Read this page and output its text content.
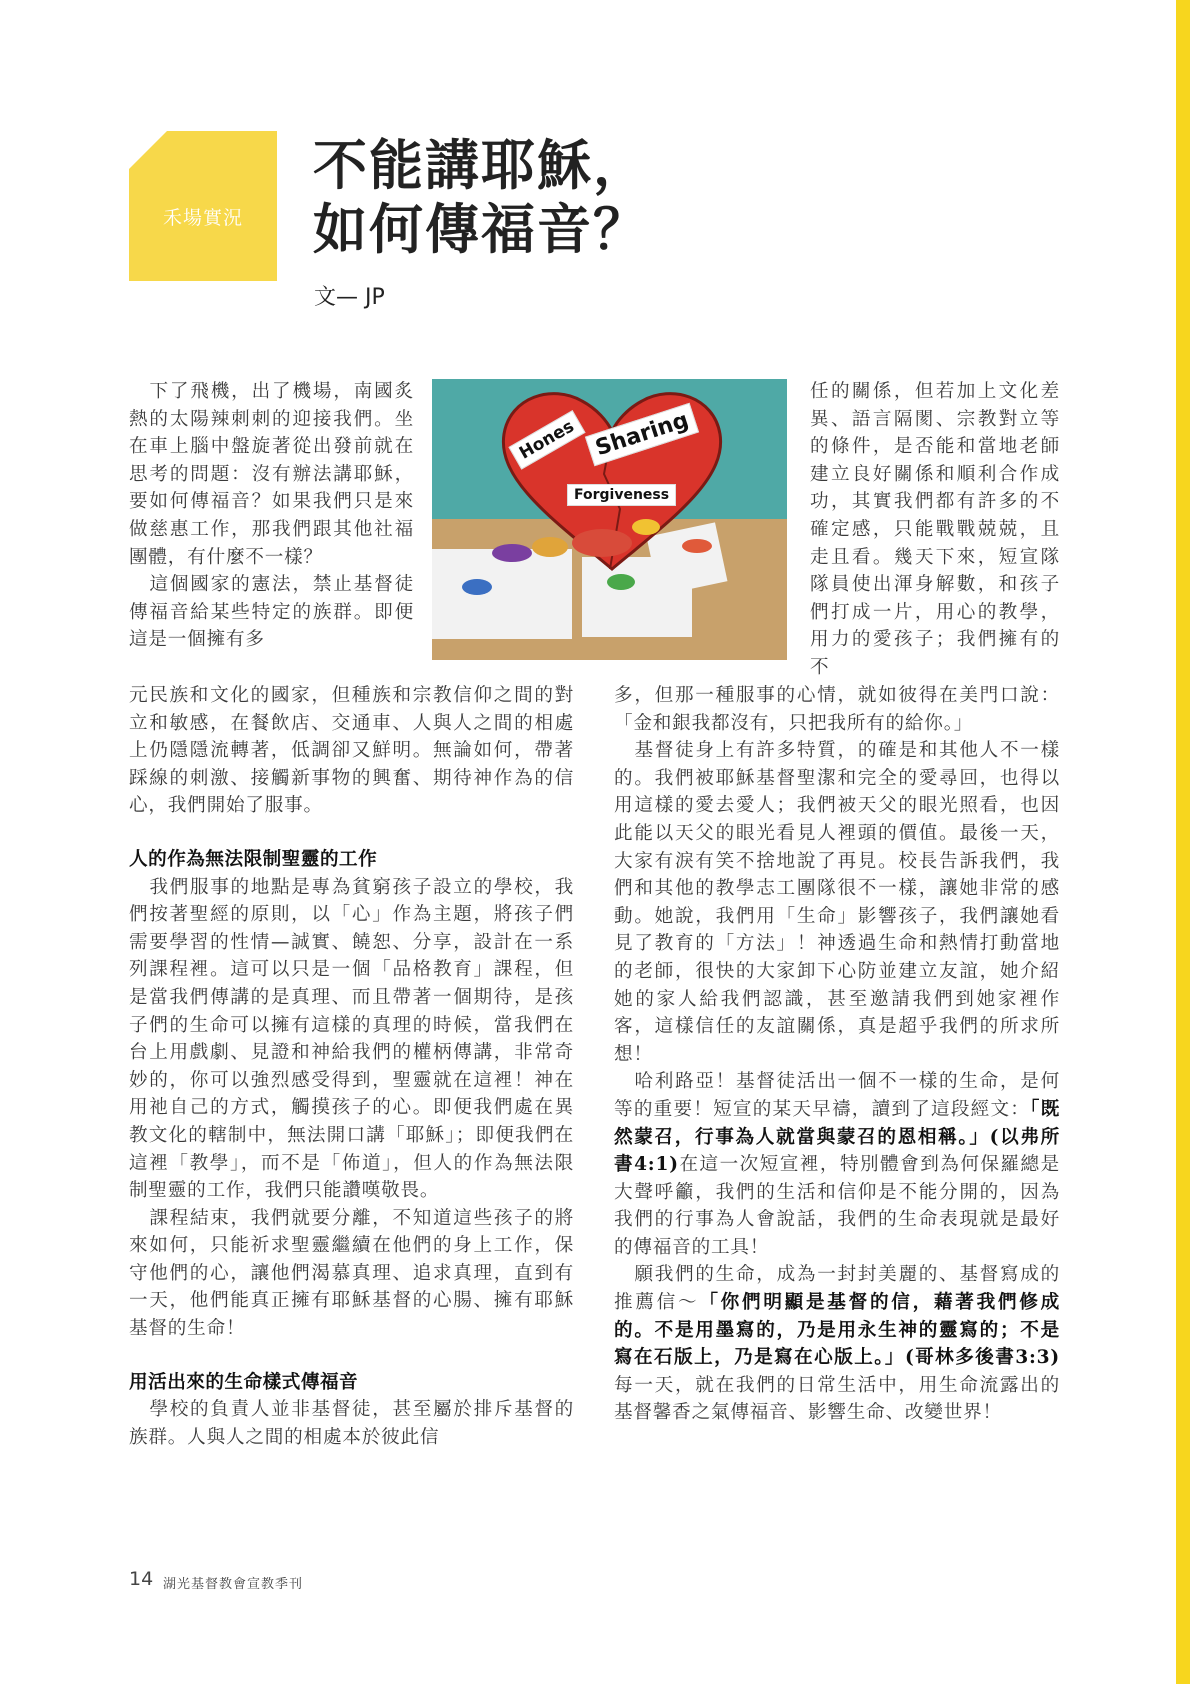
禾場實況
不能講耶穌，
如何傳福音？
文— JP

下了飛機，出了機場，南國炙熱的太陽辣刺刺的迎接我們。坐在車上腦中盤旋著從出發前就在思考的問題：沒有辦法講耶穌，要如何傳福音？如果我們只是來做慈惠工作，那我們跟其他社福團體，有什麼不一樣？

這個國家的憲法，禁止基督徒傳福音給某些特定的族群。即便這是一個擁有多

Hones Sharing
Forgiveness

任的關係，但若加上文化差異、語言隔閡、宗教對立等的條件，是否能和當地老師建立良好關係和順利合作成功，其實我們都有許多的不確定感，只能戰戰兢兢，且走且看。幾天下來，短宣隊隊員使出渾身解數，和孩子們打成一片，用心的教學，用力的愛孩子；我們擁有的不

元民族和文化的國家，但種族和宗教信仰之間的對立和敏感，在餐飲店、交通車、人與人之間的相處上仍隱隱流轉著，低調卻又鮮明。無論如何，帶著踩線的刺激、接觸新事物的興奮、期待神作為的信心，我們開始了服事。

人的作為無法限制聖靈的工作

我們服事的地點是專為貧窮孩子設立的學校，我們按著聖經的原則，以「心」作為主題，將孩子們需要學習的性情—誠實、饒恕、分享，設計在一系列課程裡。這可以只是一個「品格教育」課程，但是當我們傳講的是真理、而且帶著一個期待，是孩子們的生命可以擁有這樣的真理的時候，當我們在台上用戲劇、見證和神給我們的權柄傳講，非常奇妙的，你可以強烈感受得到，聖靈就在這裡！神在用祂自己的方式，觸摸孩子的心。即便我們處在異教文化的轄制中，無法開口講「耶穌」；即便我們在這裡「教學」，而不是「佈道」，但人的作為無法限制聖靈的工作，我們只能讚嘆敬畏。

課程結束，我們就要分離，不知道這些孩子的將來如何，只能祈求聖靈繼續在他們的身上工作，保守他們的心，讓他們渴慕真理、追求真理，直到有一天，他們能真正擁有耶穌基督的心腸、擁有耶穌基督的生命！

用活出來的生命樣式傳福音

學校的負責人並非基督徒，甚至屬於排斥基督的族群。人與人之間的相處本於彼此信

多，但那一種服事的心情，就如彼得在美門口說：「金和銀我都沒有，只把我所有的給你。」

基督徒身上有許多特質，的確是和其他人不一樣的。我們被耶穌基督聖潔和完全的愛尋回，也得以用這樣的愛去愛人；我們被天父的眼光照看，也因此能以天父的眼光看見人裡頭的價值。最後一天，大家有淚有笑不捨地說了再見。校長告訴我們，我們和其他的教學志工團隊很不一樣，讓她非常的感動。她說，我們用「生命」影響孩子，我們讓她看見了教育的「方法」！神透過生命和熱情打動當地的老師，很快的大家卸下心防並建立友誼，她介紹她的家人給我們認識，甚至邀請我們到她家裡作客，這樣信任的友誼關係，真是超乎我們的所求所想！

哈利路亞！基督徒活出一個不一樣的生命，是何等的重要！短宣的某天早禱，讀到了這段經文：「既然蒙召，行事為人就當與蒙召的恩相稱。」(以弗所書4:1)在這一次短宣裡，特別體會到為何保羅總是大聲呼籲，我們的生活和信仰是不能分開的，因為我們的行事為人會說話，我們的生命表現就是最好的傳福音的工具！

願我們的生命，成為一封封美麗的、基督寫成的推薦信～「你們明顯是基督的信，藉著我們修成的。不是用墨寫的，乃是用永生神的靈寫的；不是寫在石版上，乃是寫在心版上。」(哥林多後書3:3)每一天，就在我們的日常生活中，用生命流露出的基督馨香之氣傳福音、影響生命、改變世界！

14 湖光基督教會宣教季刊
